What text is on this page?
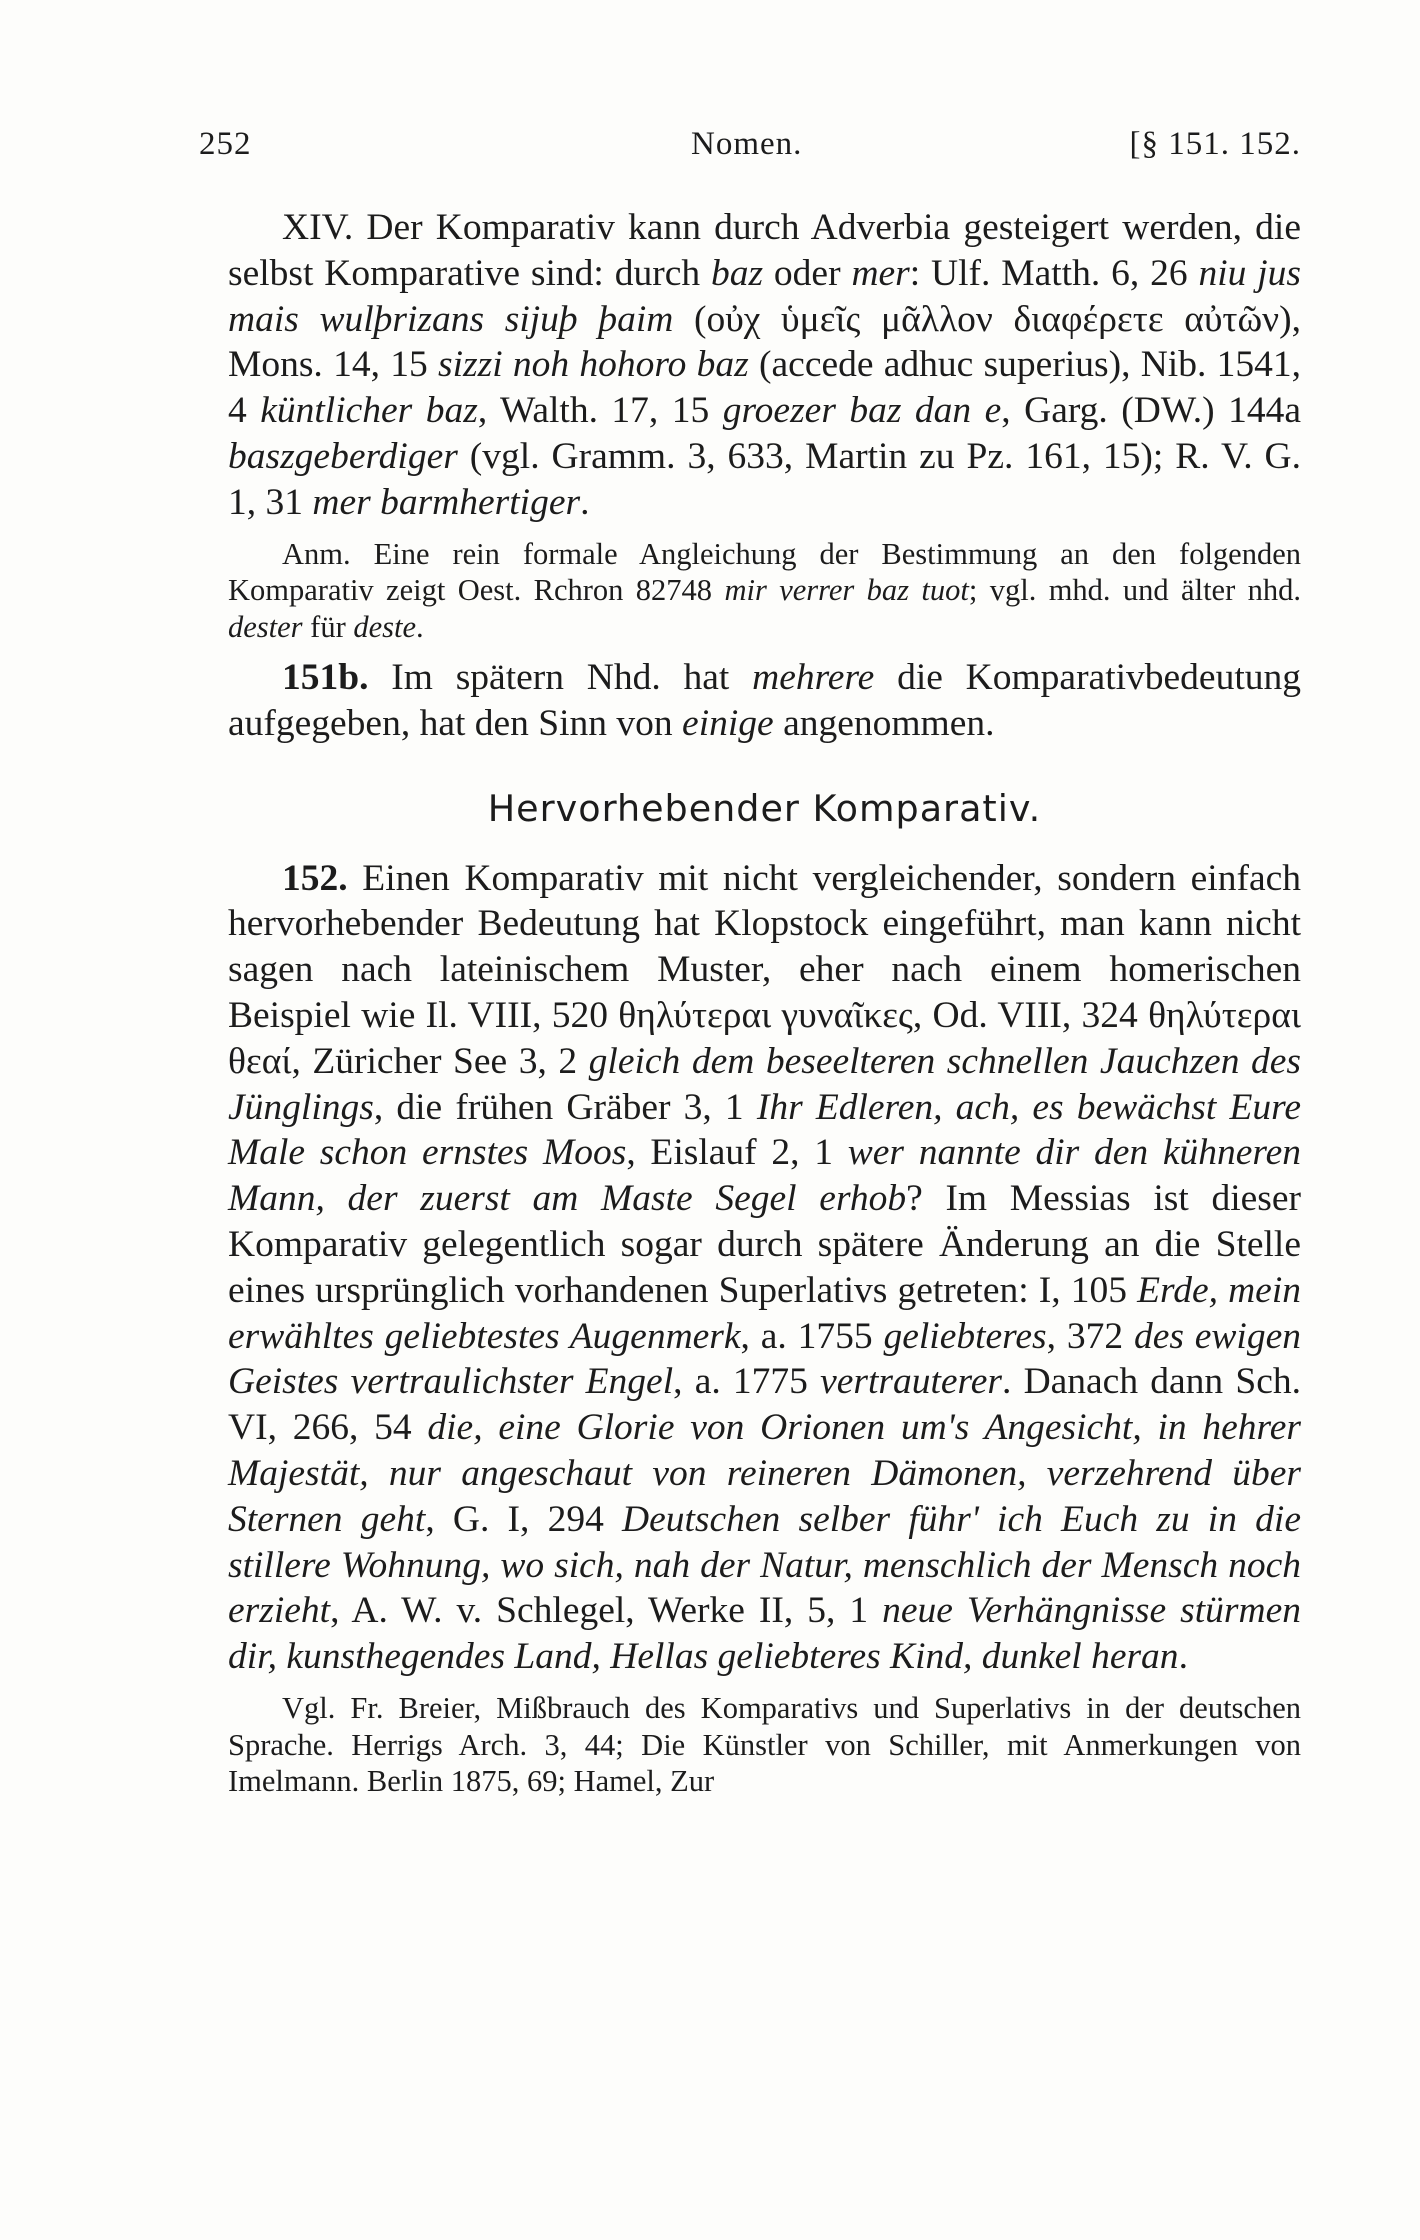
252	Nomen.	[§ 151. 152.

XIV. Der Komparativ kann durch Adverbia gesteigert werden, die selbst Komparative sind: durch baz oder mer: Ulf. Matth. 6, 26 niu jus mais wulþrizans sijuþ þaim (οὐχ ὑμεῖς μᾶλλον διαφέρετε αὐτῶν), Mons. 14, 15 sizzi noh hohoro baz (accede adhuc superius), Nib. 1541, 4 küntlicher baz, Walth. 17, 15 groezer baz dan e, Garg. (DW.) 144a baszgeberdiger (vgl. Gramm. 3, 633, Martin zu Pz. 161, 15); R. V. G. 1, 31 mer barmhertiger.

Anm. Eine rein formale Angleichung der Bestimmung an den folgenden Komparativ zeigt Oest. Rchron 82748 mir verrer baz tuot; vgl. mhd. und älter nhd. dester für deste.

151b. Im spätern Nhd. hat mehrere die Komparativbedeutung aufgegeben, hat den Sinn von einige angenommen.

Hervorhebender Komparativ.

152. Einen Komparativ mit nicht vergleichender, sondern einfach hervorhebender Bedeutung hat Klopstock eingeführt, man kann nicht sagen nach lateinischem Muster, eher nach einem homerischen Beispiel wie Il. VIII, 520 θηλύτεραι γυναῖκες, Od. VIII, 324 θηλύτεραι θεαί, Züricher See 3, 2 gleich dem beseelteren schnellen Jauchzen des Jünglings, die frühen Gräber 3, 1 Ihr Edleren, ach, es bewächst Eure Male schon ernstes Moos, Eislauf 2, 1 wer nannte dir den kühneren Mann, der zuerst am Maste Segel erhob? Im Messias ist dieser Komparativ gelegentlich sogar durch spätere Änderung an die Stelle eines ursprünglich vorhandenen Superlativs getreten: I, 105 Erde, mein erwähltes geliebtestes Augenmerk, a. 1755 geliebteres, 372 des ewigen Geistes vertraulichster Engel, a. 1775 vertrauterer. Danach dann Sch. VI, 266, 54 die, eine Glorie von Orionen um's Angesicht, in hehrer Majestät, nur angeschaut von reineren Dämonen, verzehrend über Sternen geht, G. I, 294 Deutschen selber führ' ich Euch zu in die stillere Wohnung, wo sich, nah der Natur, menschlich der Mensch noch erzieht, A. W. v. Schlegel, Werke II, 5, 1 neue Verhängnisse stürmen dir, kunsthegendes Land, Hellas geliebteres Kind, dunkel heran.

Vgl. Fr. Breier, Mißbrauch des Komparativs und Superlativs in der deutschen Sprache. Herrigs Arch. 3, 44; Die Künstler von Schiller, mit Anmerkungen von Imelmann. Berlin 1875, 69; Hamel, Zur
